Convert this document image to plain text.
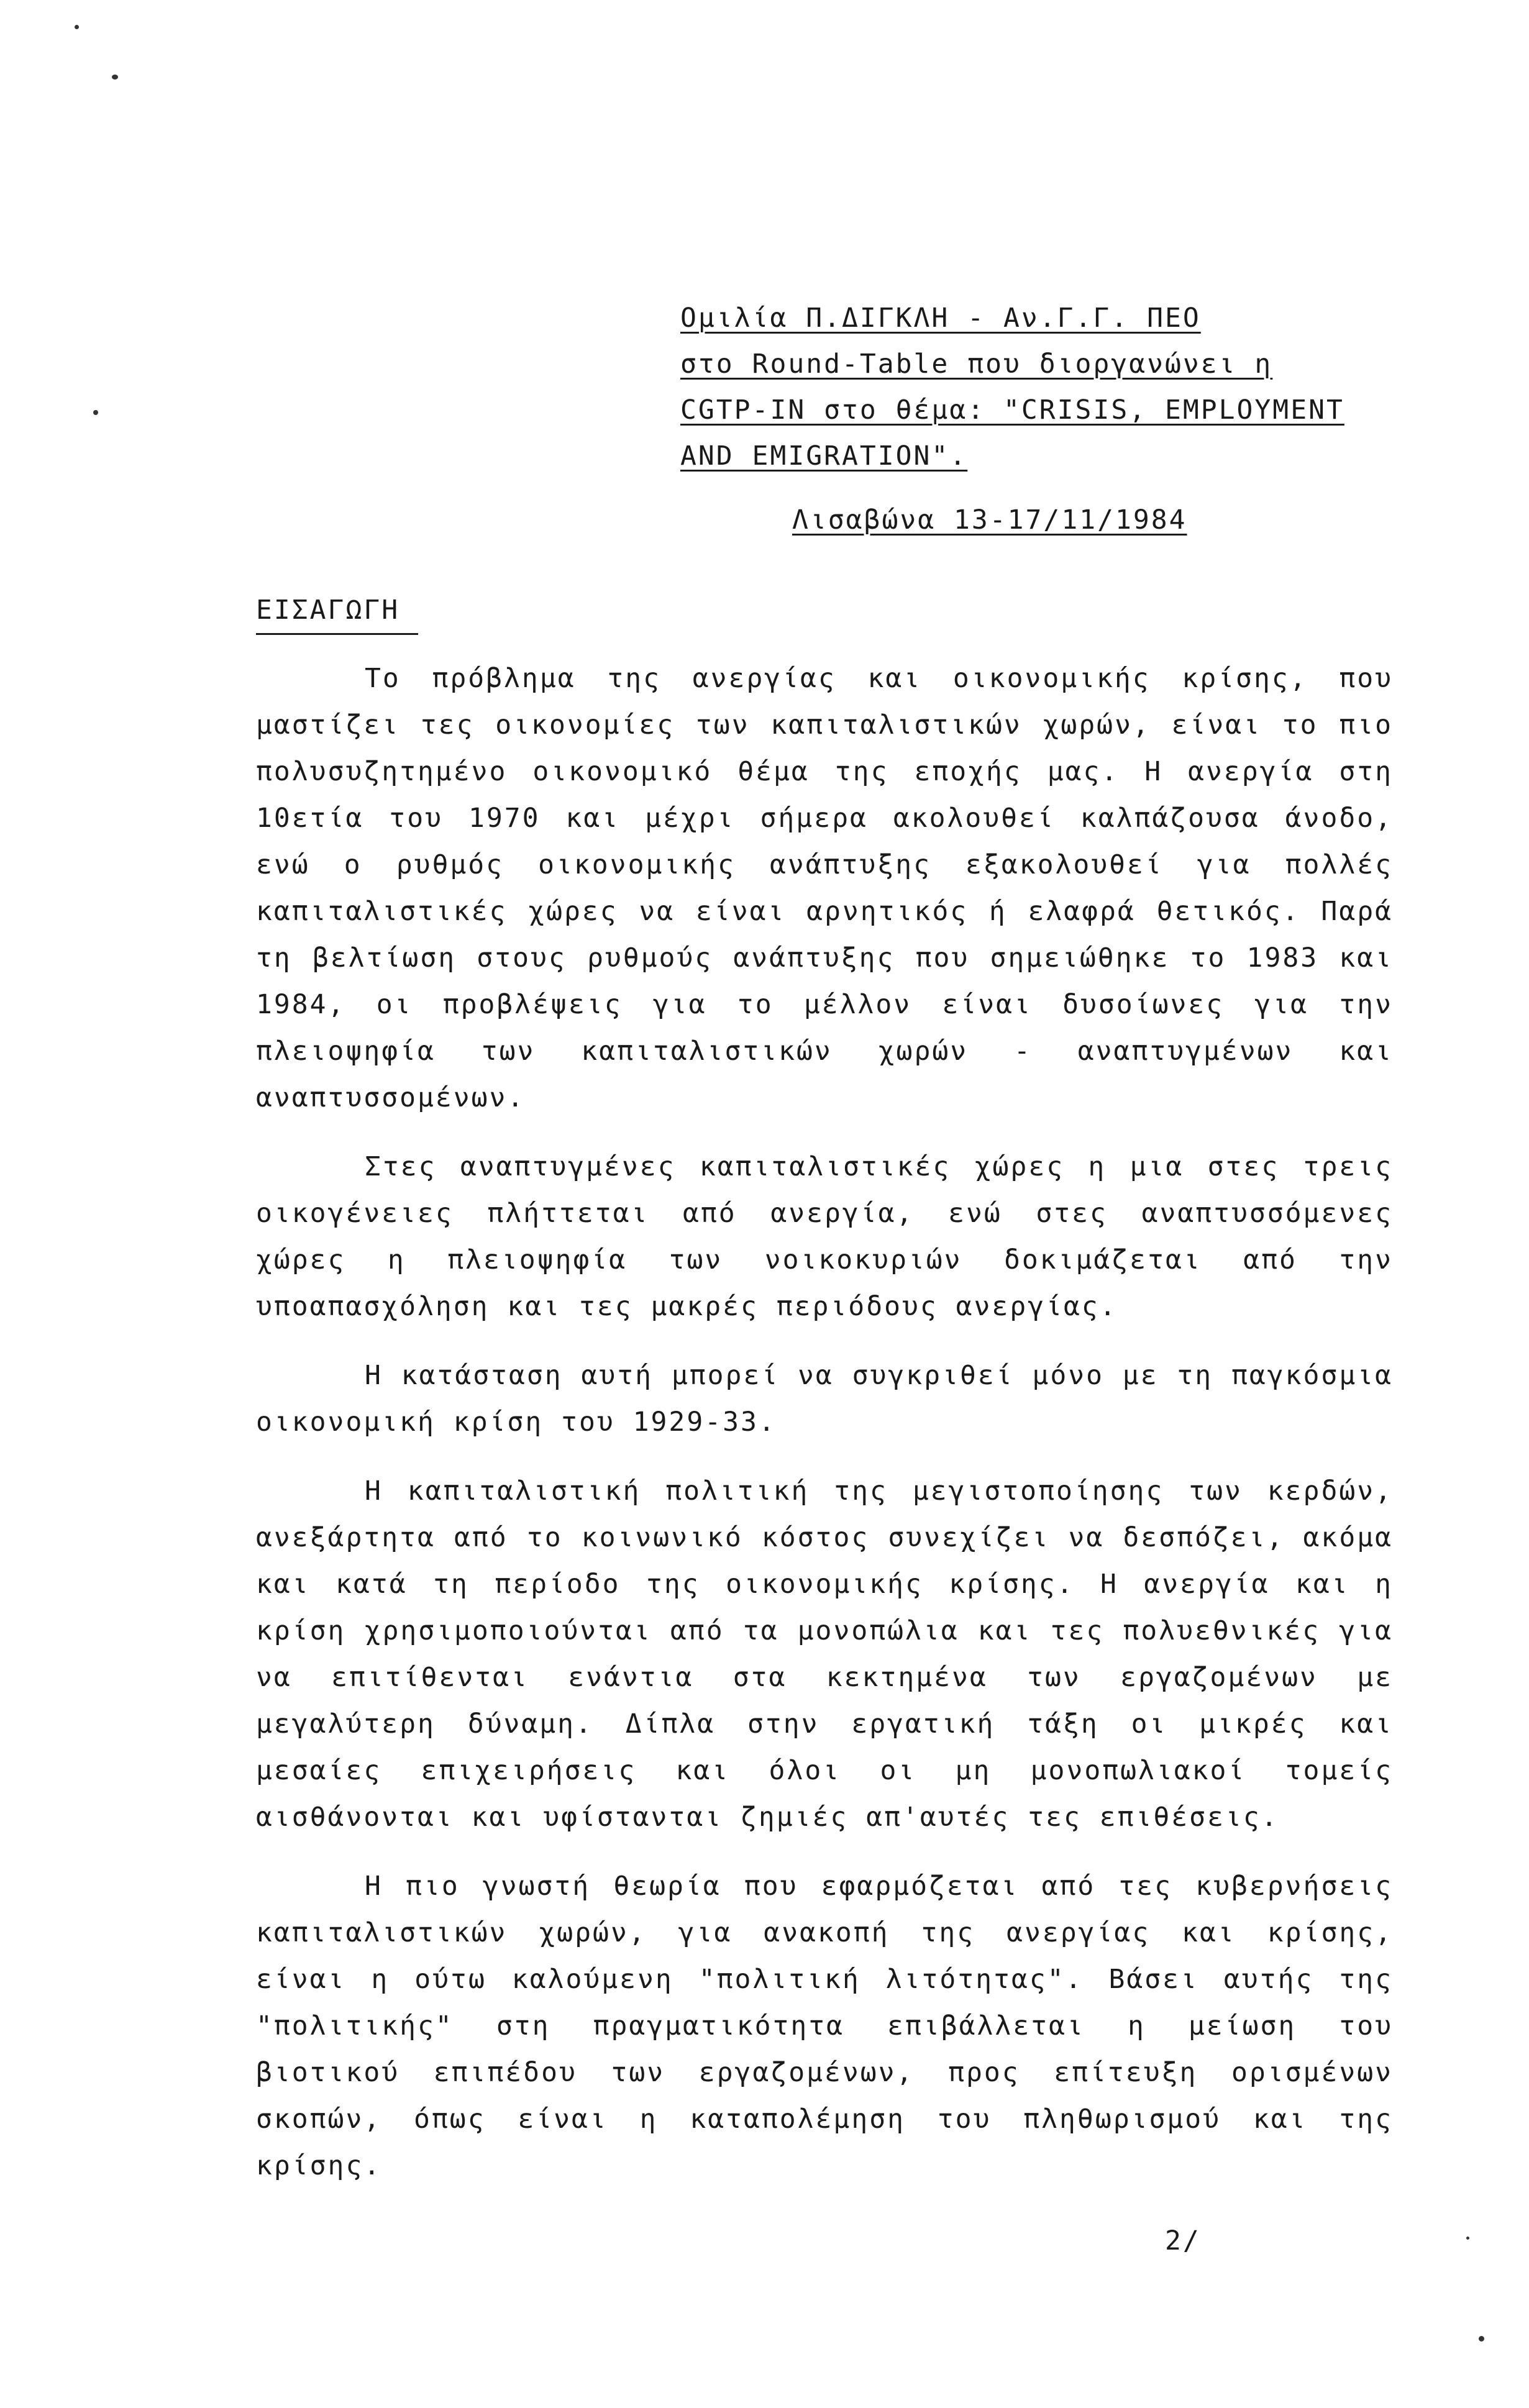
Ομιλία Π.ΔΙΓΚΛΗ - Αν.Γ.Γ. ΠΕΟ
στο Round-Table που διοργανώνει η
CGTP-IN στο θέμα: "CRISIS, EMPLOYMENT
AND EMIGRATION".
Λισαβώνα 13-17/11/1984
ΕΙΣΑΓΩΓΗ

Το πρόβλημα της ανεργίας και οικονομικής κρίσης, που μαστίζει τες οικονομίες των καπιταλιστικών χωρών, είναι το πιο πολυσυζητημένο οικονομικό θέμα της εποχής μας. Η ανεργία στη 10ετία του 1970 και μέχρι σήμερα ακολουθεί καλπάζουσα άνοδο, ενώ ο ρυθμός οικονομικής ανάπτυξης εξακολουθεί για πολλές καπιταλιστικές χώρες να είναι αρνητικός ή ελαφρά θετικός. Παρά τη βελτίωση στους ρυθμούς ανάπτυξης που σημειώθηκε το 1983 και 1984, οι προβλέψεις για το μέλλον είναι δυσοίωνες για την πλειοψηφία των καπιταλιστικών χωρών - αναπτυγμένων και αναπτυσσομένων.

Στες αναπτυγμένες καπιταλιστικές χώρες η μια στες τρεις οικογένειες πλήττεται από ανεργία, ενώ στες αναπτυσσόμενες χώρες η πλειοψηφία των νοικοκυριών δοκιμάζεται από την υποαπασχόληση και τες μακρές περιόδους ανεργίας.

Η κατάσταση αυτή μπορεί να συγκριθεί μόνο με τη παγκόσμια οικονομική κρίση του 1929-33.

Η καπιταλιστική πολιτική της μεγιστοποίησης των κερδών, ανεξάρτητα από το κοινωνικό κόστος συνεχίζει να δεσπόζει, ακόμα και κατά τη περίοδο της οικονομικής κρίσης. Η ανεργία και η κρίση χρησιμοποιούνται από τα μονοπώλια και τες πολυεθνικές για να επιτίθενται ενάντια στα κεκτημένα των εργαζομένων με μεγαλύτερη δύναμη. Δίπλα στην εργατική τάξη οι μικρές και μεσαίες επιχειρήσεις και όλοι οι μη μονοπωλιακοί τομείς αισθάνονται και υφίστανται ζημιές απ'αυτές τες επιθέσεις.

Η πιο γνωστή θεωρία που εφαρμόζεται από τες κυβερνήσεις καπιταλιστικών χωρών, για ανακοπή της ανεργίας και κρίσης, είναι η ούτω καλούμενη "πολιτική λιτότητας". Βάσει αυτής της "πολιτικής" στη πραγματικότητα επιβάλλεται η μείωση του βιοτικού επιπέδου των εργαζομένων, προς επίτευξη ορισμένων σκοπών, όπως είναι η καταπολέμηση του πληθωρισμού και της κρίσης.

2/
